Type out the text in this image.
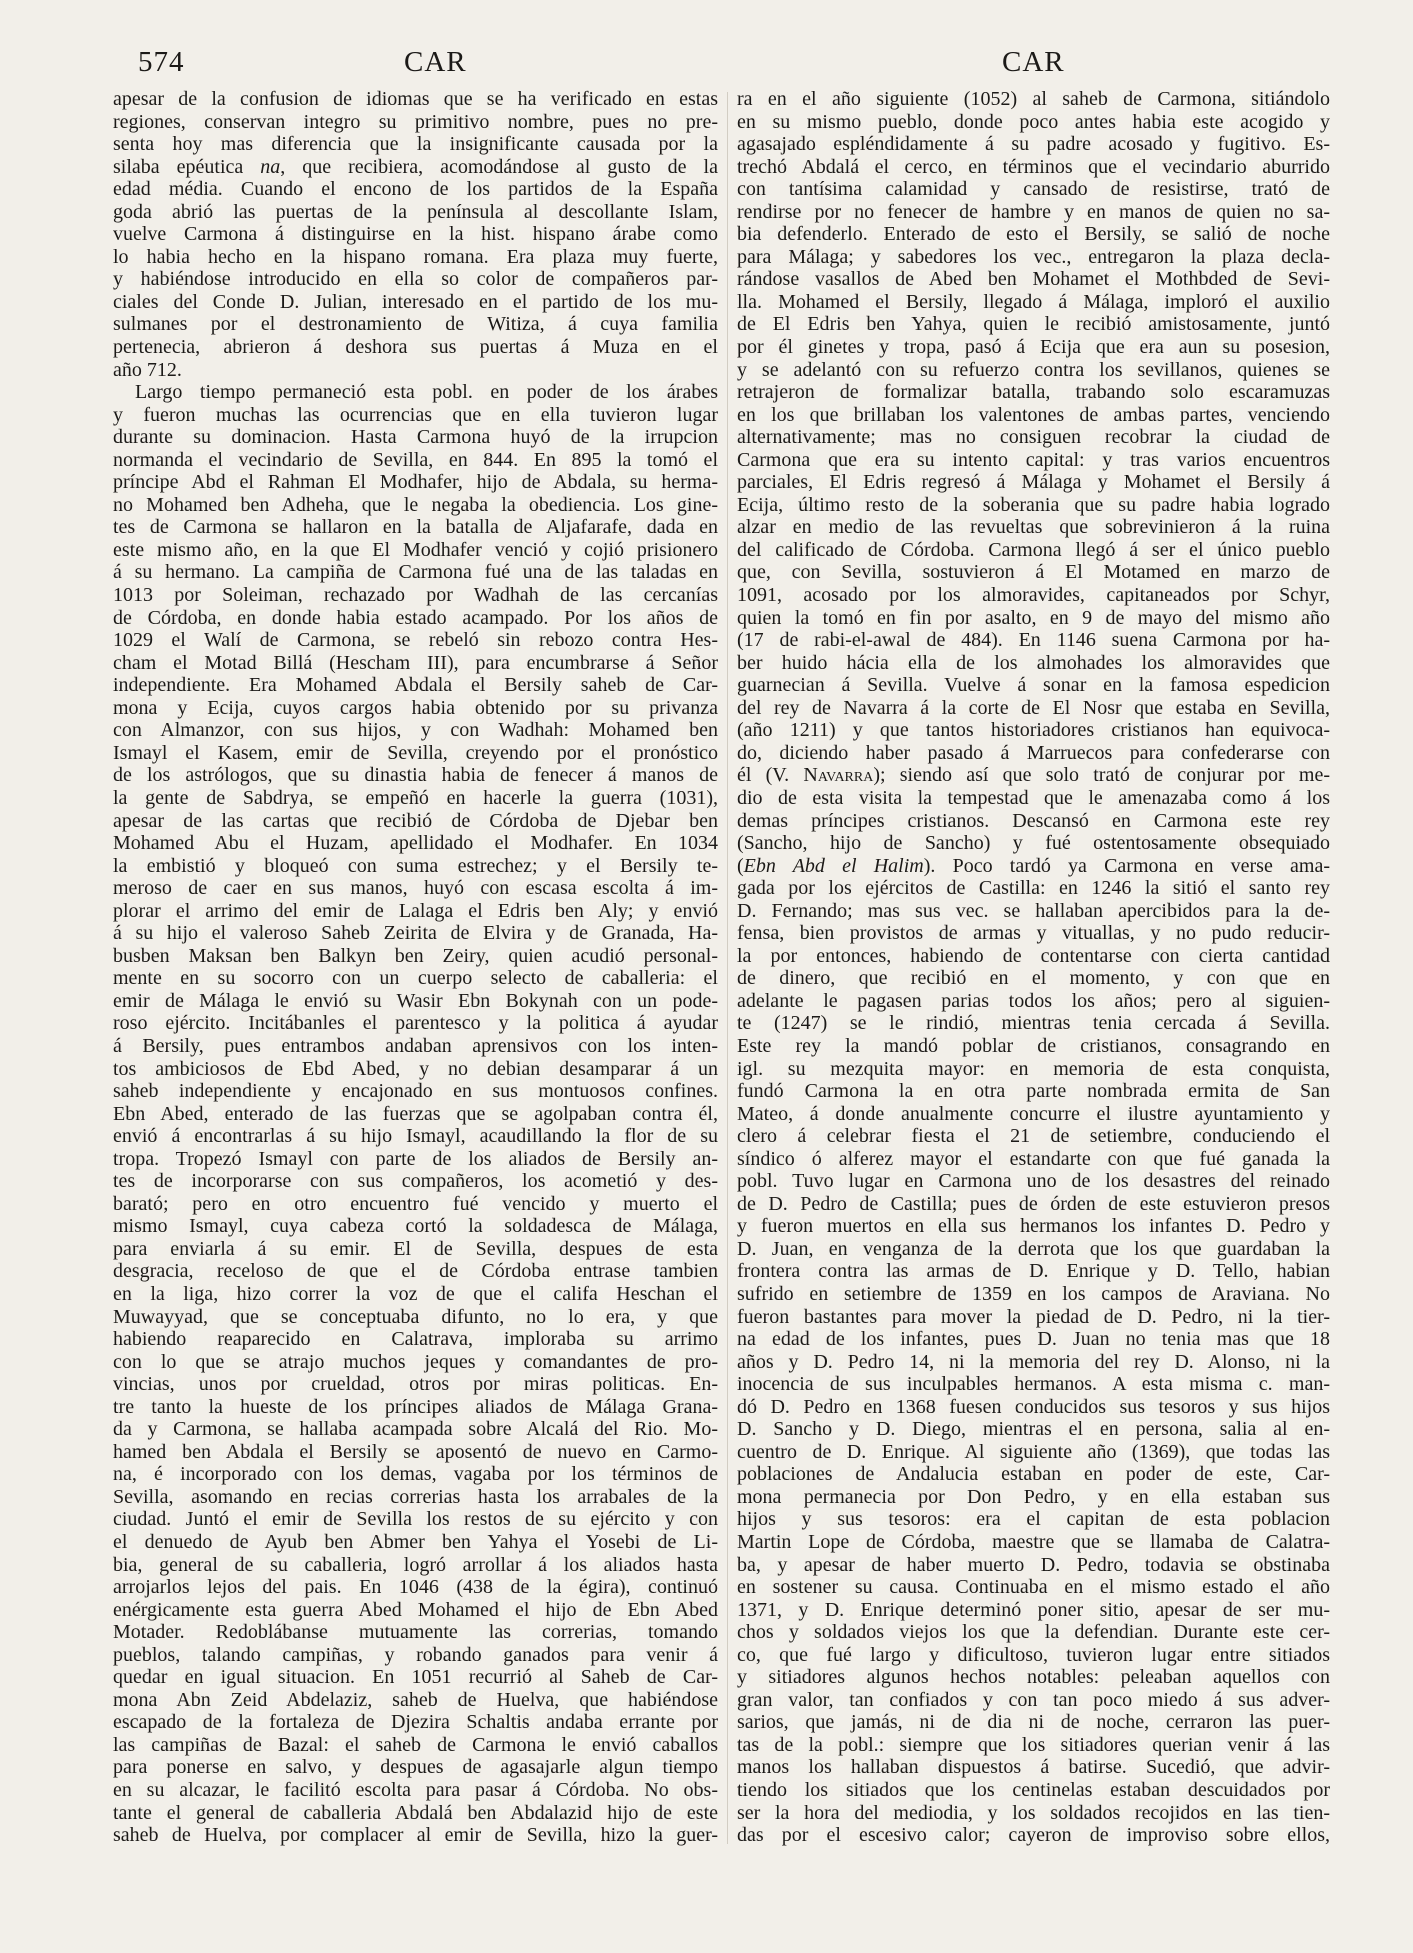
574	CAR	CAR
apesar de la confusion de idiomas que se ha verificado en estas
regiones, conservan integro su primitivo nombre, pues no pre-
senta hoy mas diferencia que la insignificante causada por la
silaba epéutica na, que recibiera, acomodándose al gusto de la
edad média. Cuando el encono de los partidos de la España
goda abrió las puertas de la península al descollante Islam,
vuelve Carmona á distinguirse en la hist. hispano árabe como
lo habia hecho en la hispano romana. Era plaza muy fuerte,
y habiéndose introducido en ella so color de compañeros par-
ciales del Conde D. Julian, interesado en el partido de los mu-
sulmanes por el destronamiento de Witiza, á cuya familia
pertenecia, abrieron á deshora sus puertas á Muza en el
año 712.
Largo tiempo permaneció esta pobl. en poder de los árabes
y fueron muchas las ocurrencias que en ella tuvieron lugar
durante su dominacion. Hasta Carmona huyó de la irrupcion
normanda el vecindario de Sevilla, en 844. En 895 la tomó el
príncipe Abd el Rahman El Modhafer, hijo de Abdala, su herma-
no Mohamed ben Adheha, que le negaba la obediencia. Los gine-
tes de Carmona se hallaron en la batalla de Aljafarafe, dada en
este mismo año, en la que El Modhafer venció y cojió prisionero
á su hermano. La campiña de Carmona fué una de las taladas en
1013 por Soleiman, rechazado por Wadhah de las cercanías
de Córdoba, en donde habia estado acampado. Por los años de
1029 el Walí de Carmona, se rebeló sin rebozo contra Hes-
cham el Motad Billá (Hescham III), para encumbrarse á Señor
independiente. Era Mohamed Abdala el Bersily saheb de Car-
mona y Ecija, cuyos cargos habia obtenido por su privanza
con Almanzor, con sus hijos, y con Wadhah: Mohamed ben
Ismayl el Kasem, emir de Sevilla, creyendo por el pronóstico
de los astrólogos, que su dinastia habia de fenecer á manos de
la gente de Sabdrya, se empeñó en hacerle la guerra (1031),
apesar de las cartas que recibió de Córdoba de Djebar ben
Mohamed Abu el Huzam, apellidado el Modhafer. En 1034
la embistió y bloqueó con suma estrechez; y el Bersily te-
meroso de caer en sus manos, huyó con escasa escolta á im-
plorar el arrimo del emir de Lalaga el Edris ben Aly; y envió
á su hijo el valeroso Saheb Zeirita de Elvira y de Granada, Ha-
busben Maksan ben Balkyn ben Zeiry, quien acudió personal-
mente en su socorro con un cuerpo selecto de caballeria: el
emir de Málaga le envió su Wasir Ebn Bokynah con un pode-
roso ejército. Incitábanles el parentesco y la politica á ayudar
á Bersily, pues entrambos andaban aprensivos con los inten-
tos ambiciosos de Ebd Abed, y no debian desamparar á un
saheb independiente y encajonado en sus montuosos confines.
Ebn Abed, enterado de las fuerzas que se agolpaban contra él,
envió á encontrarlas á su hijo Ismayl, acaudillando la flor de su
tropa. Tropezó Ismayl con parte de los aliados de Bersily an-
tes de incorporarse con sus compañeros, los acometió y des-
barató; pero en otro encuentro fué vencido y muerto el
mismo Ismayl, cuya cabeza cortó la soldadesca de Málaga,
para enviarla á su emir. El de Sevilla, despues de esta
desgracia, receloso de que el de Córdoba entrase tambien
en la liga, hizo correr la voz de que el califa Heschan el
Muwayyad, que se conceptuaba difunto, no lo era, y que
habiendo reaparecido en Calatrava, imploraba su arrimo
con lo que se atrajo muchos jeques y comandantes de pro-
vincias, unos por crueldad, otros por miras politicas. En-
tre tanto la hueste de los príncipes aliados de Málaga Grana-
da y Carmona, se hallaba acampada sobre Alcalá del Rio. Mo-
hamed ben Abdala el Bersily se aposentó de nuevo en Carmo-
na, é incorporado con los demas, vagaba por los términos de
Sevilla, asomando en recias correrias hasta los arrabales de la
ciudad. Juntó el emir de Sevilla los restos de su ejército y con
el denuedo de Ayub ben Abmer ben Yahya el Yosebi de Li-
bia, general de su caballeria, logró arrollar á los aliados hasta
arrojarlos lejos del pais. En 1046 (438 de la égira), continuó
enérgicamente esta guerra Abed Mohamed el hijo de Ebn Abed
Motader. Redoblábanse mutuamente las correrias, tomando
pueblos, talando campiñas, y robando ganados para venir á
quedar en igual situacion. En 1051 recurrió al Saheb de Car-
mona Abn Zeid Abdelaziz, saheb de Huelva, que habiéndose
escapado de la fortaleza de Djezira Schaltis andaba errante por
las campiñas de Bazal: el saheb de Carmona le envió caballos
para ponerse en salvo, y despues de agasajarle algun tiempo
en su alcazar, le facilitó escolta para pasar á Córdoba. No obs-
tante el general de caballeria Abdalá ben Abdalazid hijo de este
saheb de Huelva, por complacer al emir de Sevilla, hizo la guer-
ra en el año siguiente (1052) al saheb de Carmona, sitiándolo
en su mismo pueblo, donde poco antes habia este acogido y
agasajado espléndidamente á su padre acosado y fugitivo. Es-
trechó Abdalá el cerco, en términos que el vecindario aburrido
con tantísima calamidad y cansado de resistirse, trató de
rendirse por no fenecer de hambre y en manos de quien no sa-
bia defenderlo. Enterado de esto el Bersily, se salió de noche
para Málaga; y sabedores los vec., entregaron la plaza decla-
rándose vasallos de Abed ben Mohamet el Mothbded de Sevi-
lla. Mohamed el Bersily, llegado á Málaga, imploró el auxilio
de El Edris ben Yahya, quien le recibió amistosamente, juntó
por él ginetes y tropa, pasó á Ecija que era aun su posesion,
y se adelantó con su refuerzo contra los sevillanos, quienes se
retrajeron de formalizar batalla, trabando solo escaramuzas
en los que brillaban los valentones de ambas partes, venciendo
alternativamente; mas no consiguen recobrar la ciudad de
Carmona que era su intento capital: y tras varios encuentros
parciales, El Edris regresó á Málaga y Mohamet el Bersily á
Ecija, último resto de la soberania que su padre habia logrado
alzar en medio de las revueltas que sobrevinieron á la ruina
del calificado de Córdoba. Carmona llegó á ser el único pueblo
que, con Sevilla, sostuvieron á El Motamed en marzo de
1091, acosado por los almoravides, capitaneados por Schyr,
quien la tomó en fin por asalto, en 9 de mayo del mismo año
(17 de rabi-el-awal de 484). En 1146 suena Carmona por ha-
ber huido hácia ella de los almohades los almoravides que
guarnecian á Sevilla. Vuelve á sonar en la famosa espedicion
del rey de Navarra á la corte de El Nosr que estaba en Sevilla,
(año 1211) y que tantos historiadores cristianos han equivoca-
do, diciendo haber pasado á Marruecos para confederarse con
él (V. Navarra); siendo así que solo trató de conjurar por me-
dio de esta visita la tempestad que le amenazaba como á los
demas príncipes cristianos. Descansó en Carmona este rey
(Sancho, hijo de Sancho) y fué ostentosamente obsequiado
(Ebn Abd el Halim). Poco tardó ya Carmona en verse ama-
gada por los ejércitos de Castilla: en 1246 la sitió el santo rey
D. Fernando; mas sus vec. se hallaban apercibidos para la de-
fensa, bien provistos de armas y vituallas, y no pudo reducir-
la por entonces, habiendo de contentarse con cierta cantidad
de dinero, que recibió en el momento, y con que en
adelante le pagasen parias todos los años; pero al siguien-
te (1247) se le rindió, mientras tenia cercada á Sevilla.
Este rey la mandó poblar de cristianos, consagrando en
igl. su mezquita mayor: en memoria de esta conquista,
fundó Carmona la en otra parte nombrada ermita de San
Mateo, á donde anualmente concurre el ilustre ayuntamiento y
clero á celebrar fiesta el 21 de setiembre, conduciendo el
síndico ó alferez mayor el estandarte con que fué ganada la
pobl. Tuvo lugar en Carmona uno de los desastres del reinado
de D. Pedro de Castilla; pues de órden de este estuvieron presos
y fueron muertos en ella sus hermanos los infantes D. Pedro y
D. Juan, en venganza de la derrota que los que guardaban la
frontera contra las armas de D. Enrique y D. Tello, habian
sufrido en setiembre de 1359 en los campos de Araviana. No
fueron bastantes para mover la piedad de D. Pedro, ni la tier-
na edad de los infantes, pues D. Juan no tenia mas que 18
años y D. Pedro 14, ni la memoria del rey D. Alonso, ni la
inocencia de sus inculpables hermanos. A esta misma c. man-
dó D. Pedro en 1368 fuesen conducidos sus tesoros y sus hijos
D. Sancho y D. Diego, mientras el en persona, salia al en-
cuentro de D. Enrique. Al siguiente año (1369), que todas las
poblaciones de Andalucia estaban en poder de este, Car-
mona permanecia por Don Pedro, y en ella estaban sus
hijos y sus tesoros: era el capitan de esta poblacion
Martin Lope de Córdoba, maestre que se llamaba de Calatra-
ba, y apesar de haber muerto D. Pedro, todavia se obstinaba
en sostener su causa. Continuaba en el mismo estado el año
1371, y D. Enrique determinó poner sitio, apesar de ser mu-
chos y soldados viejos los que la defendian. Durante este cer-
co, que fué largo y dificultoso, tuvieron lugar entre sitiados
y sitiadores algunos hechos notables: peleaban aquellos con
gran valor, tan confiados y con tan poco miedo á sus adver-
sarios, que jamás, ni de dia ni de noche, cerraron las puer-
tas de la pobl.: siempre que los sitiadores querian venir á las
manos los hallaban dispuestos á batirse. Sucedió, que advir-
tiendo los sitiados que los centinelas estaban descuidados por
ser la hora del mediodia, y los soldados recojidos en las tien-
das por el escesivo calor; cayeron de improviso sobre ellos,
